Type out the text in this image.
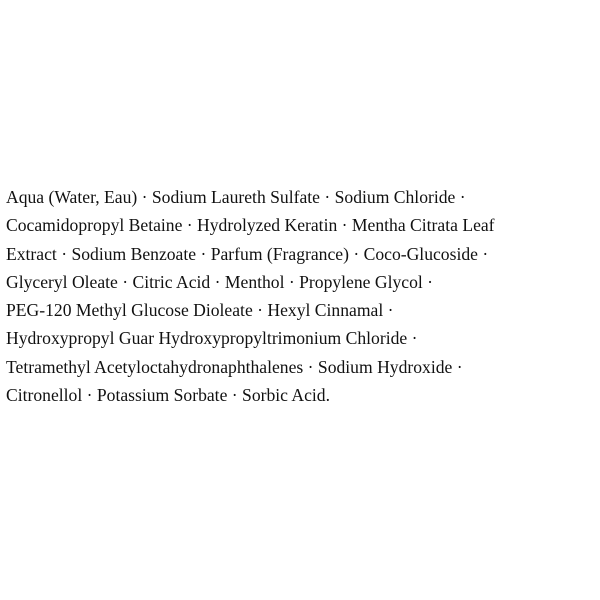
Aqua (Water, Eau) · Sodium Laureth Sulfate · Sodium Chloride ·
Cocamidopropyl Betaine · Hydrolyzed Keratin · Mentha Citrata Leaf
Extract · Sodium Benzoate · Parfum (Fragrance) · Coco-Glucoside ·
Glyceryl Oleate · Citric Acid · Menthol · Propylene Glycol ·
PEG-120 Methyl Glucose Dioleate · Hexyl Cinnamal ·
Hydroxypropyl Guar Hydroxypropyltrimonium Chloride ·
Tetramethyl Acetyloctahydronaphthalenes · Sodium Hydroxide ·
Citronellol · Potassium Sorbate · Sorbic Acid.
